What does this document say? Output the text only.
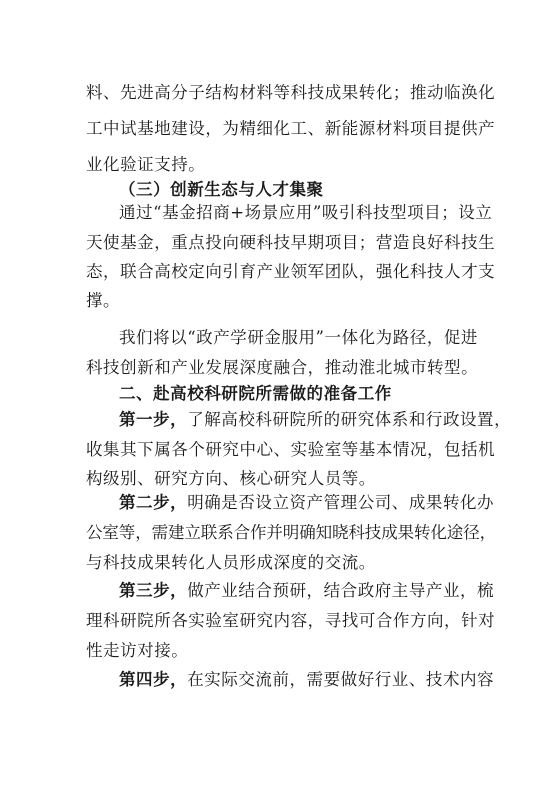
料、先进高分子结构材料等科技成果转化；推动临涣化
工中试基地建设，为精细化工、新能源材料项目提供产
业化验证支持。
（三）创新生态与人才集聚
通过“基金招商+场景应用”吸引科技型项目；设立
天使基金，重点投向硬科技早期项目；营造良好科技生
态，联合高校定向引育产业领军团队，强化科技人才支
撑。
我们将以“政产学研金服用”一体化为路径，促进
科技创新和产业发展深度融合，推动淮北城市转型。
二、赴高校科研院所需做的准备工作
第一步，了解高校科研院所的研究体系和行政设置，
收集其下属各个研究中心、实验室等基本情况，包括机
构级别、研究方向、核心研究人员等。
第二步，明确是否设立资产管理公司、成果转化办
公室等，需建立联系合作并明确知晓科技成果转化途径，
与科技成果转化人员形成深度的交流。
第三步，做产业结合预研，结合政府主导产业，梳
理科研院所各实验室研究内容，寻找可合作方向，针对
性走访对接。
第四步，在实际交流前，需要做好行业、技术内容
